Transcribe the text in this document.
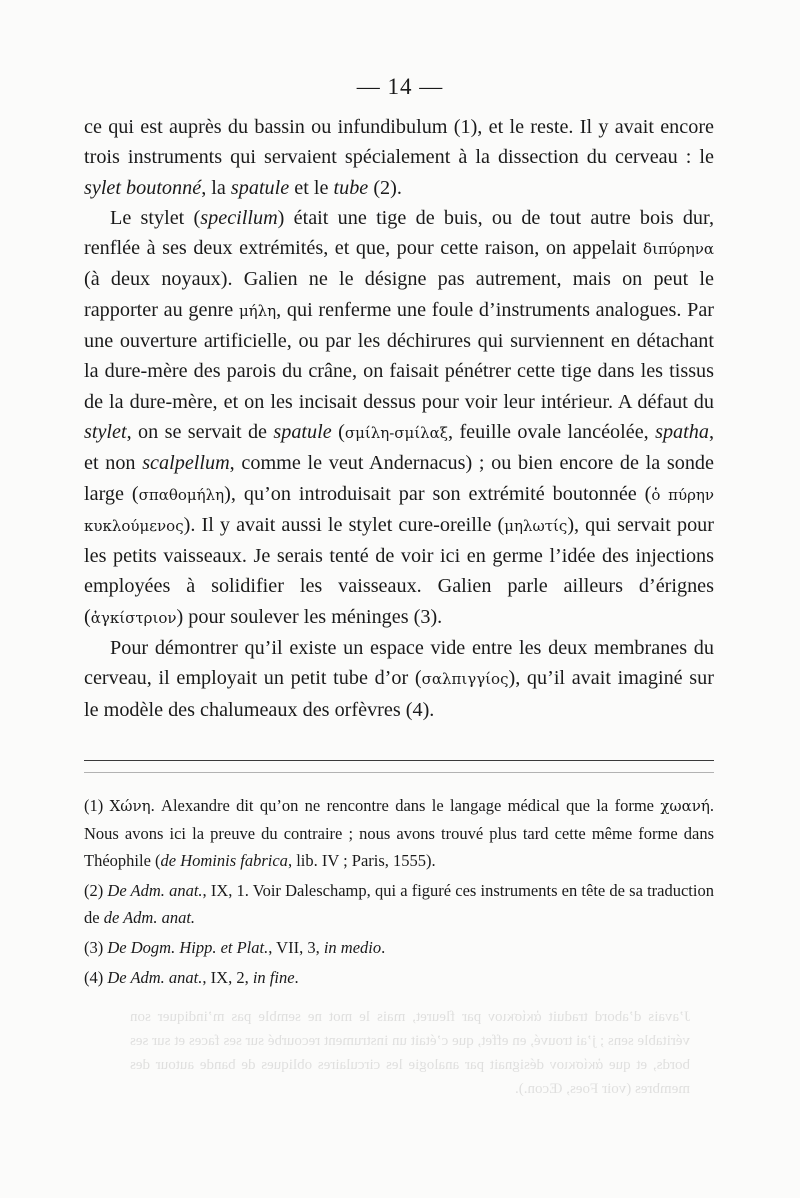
— 14 —

ce qui est auprès du bassin ou infundibulum (1), et le reste. Il y avait encore trois instruments qui servaient spécialement à la dissection du cerveau : le sylet boutonné, la spatule et le tube (2).

Le stylet (specillum) était une tige de buis, ou de tout autre bois dur, renflée à ses deux extrémités, et que, pour cette raison, on appelait διπύρηνα (à deux noyaux). Galien ne le désigne pas autrement, mais on peut le rapporter au genre μήλη, qui renferme une foule d’instruments analogues. Par une ouverture artificielle, ou par les déchirures qui surviennent en détachant la dure-mère des parois du crâne, on faisait pénétrer cette tige dans les tissus de la dure-mère, et on les incisait dessus pour voir leur intérieur. A défaut du stylet, on se servait de spatule (σμίλη-σμίλαξ, feuille ovale lancéolée, spatha, et non scalpellum, comme le veut Andernacus) ; ou bien encore de la sonde large (σπαθομήλη), qu’on introduisait par son extrémité boutonnée (ὁ πύρην κυκλούμενος). Il y avait aussi le stylet cure-oreille (μηλωτίς), qui servait pour les petits vaisseaux. Je serais tenté de voir ici en germe l’idée des injections employées à solidifier les vaisseaux. Galien parle ailleurs d’érignes (ἀγκίστριον) pour soulever les méninges (3).

Pour démontrer qu’il existe un espace vide entre les deux membranes du cerveau, il employait un petit tube d’or (σαλπιγγίος), qu’il avait imaginé sur le modèle des chalumeaux des orfèvres (4).

(1) Χώνη. Alexandre dit qu’on ne rencontre dans le langage médical que la forme χωανή. Nous avons ici la preuve du contraire ; nous avons trouvé plus tard cette même forme dans Théophile (de Hominis fabrica, lib. IV ; Paris, 1555).

(2) De Adm. anat., IX, 1. Voir Daleschamp, qui a figuré ces instruments en tête de sa traduction de de Adm. anat.

(3) De Dogm. Hipp. et Plat., VII, 3, in medio.

(4) De Adm. anat., IX, 2, in fine.

J’avais d’abord traduit ἀκίσκιον par fleuret, mais le mot ne semble pas m’indiquer son véritable sens ; j’ai trouvé, en effet, que c’était un instrument recourbé sur ses faces et sur ses bords, et que ἀκίσκιον désignait par analogie les circulaires obliques de bande autour des membres (voir Foes, Œcon.).
